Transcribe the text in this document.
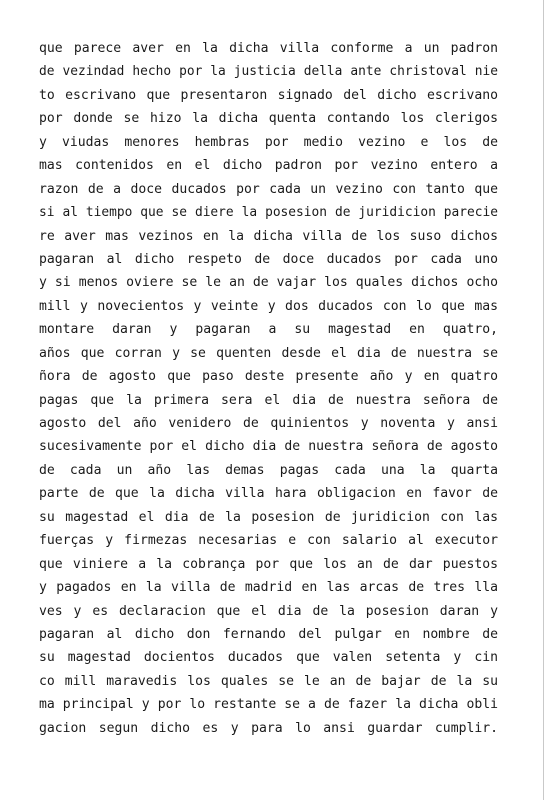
que parece aver en la dicha villa conforme a un padron
de vezindad hecho por la justicia della ante christoval nie
to escrivano que presentaron signado del dicho escrivano
por donde se hizo la dicha quenta contando los clerigos
y viudas menores hembras por medio vezino e los de
mas contenidos en el dicho padron por vezino entero a
razon de a doce ducados por cada un vezino con tanto que
si al tiempo que se diere la posesion de juridicion parecie
re aver mas vezinos en la dicha villa de los suso dichos
pagaran al dicho respeto de doce ducados por cada uno
y si menos oviere se le an de vajar los quales dichos ocho
mill y novecientos y veinte y dos ducados con lo que mas
montare daran y pagaran a su magestad en quatro,
años que corran y se quenten desde el dia de nuestra se
ñora de agosto que paso deste presente año y en quatro
pagas que la primera sera el dia de nuestra señora de
agosto del año venidero de quinientos y noventa y ansi
sucesivamente por el dicho dia de nuestra señora de agosto
de cada un año las demas pagas cada una la quarta
parte de que la dicha villa hara obligacion en favor de
su magestad el dia de la posesion de juridicion con las
fuerças y firmezas necesarias e con salario al executor
que viniere a la cobrança por que los an de dar puestos
y pagados en la villa de madrid en las arcas de tres lla
ves y es declaracion que el dia de la posesion daran y
pagaran al dicho don fernando del pulgar en nombre de
su magestad docientos ducados que valen setenta y cin
co mill maravedis los quales se le an de bajar de la su
ma principal y por lo restante se a de fazer la dicha obli
gacion segun dicho es y para lo ansi guardar cumplir.
